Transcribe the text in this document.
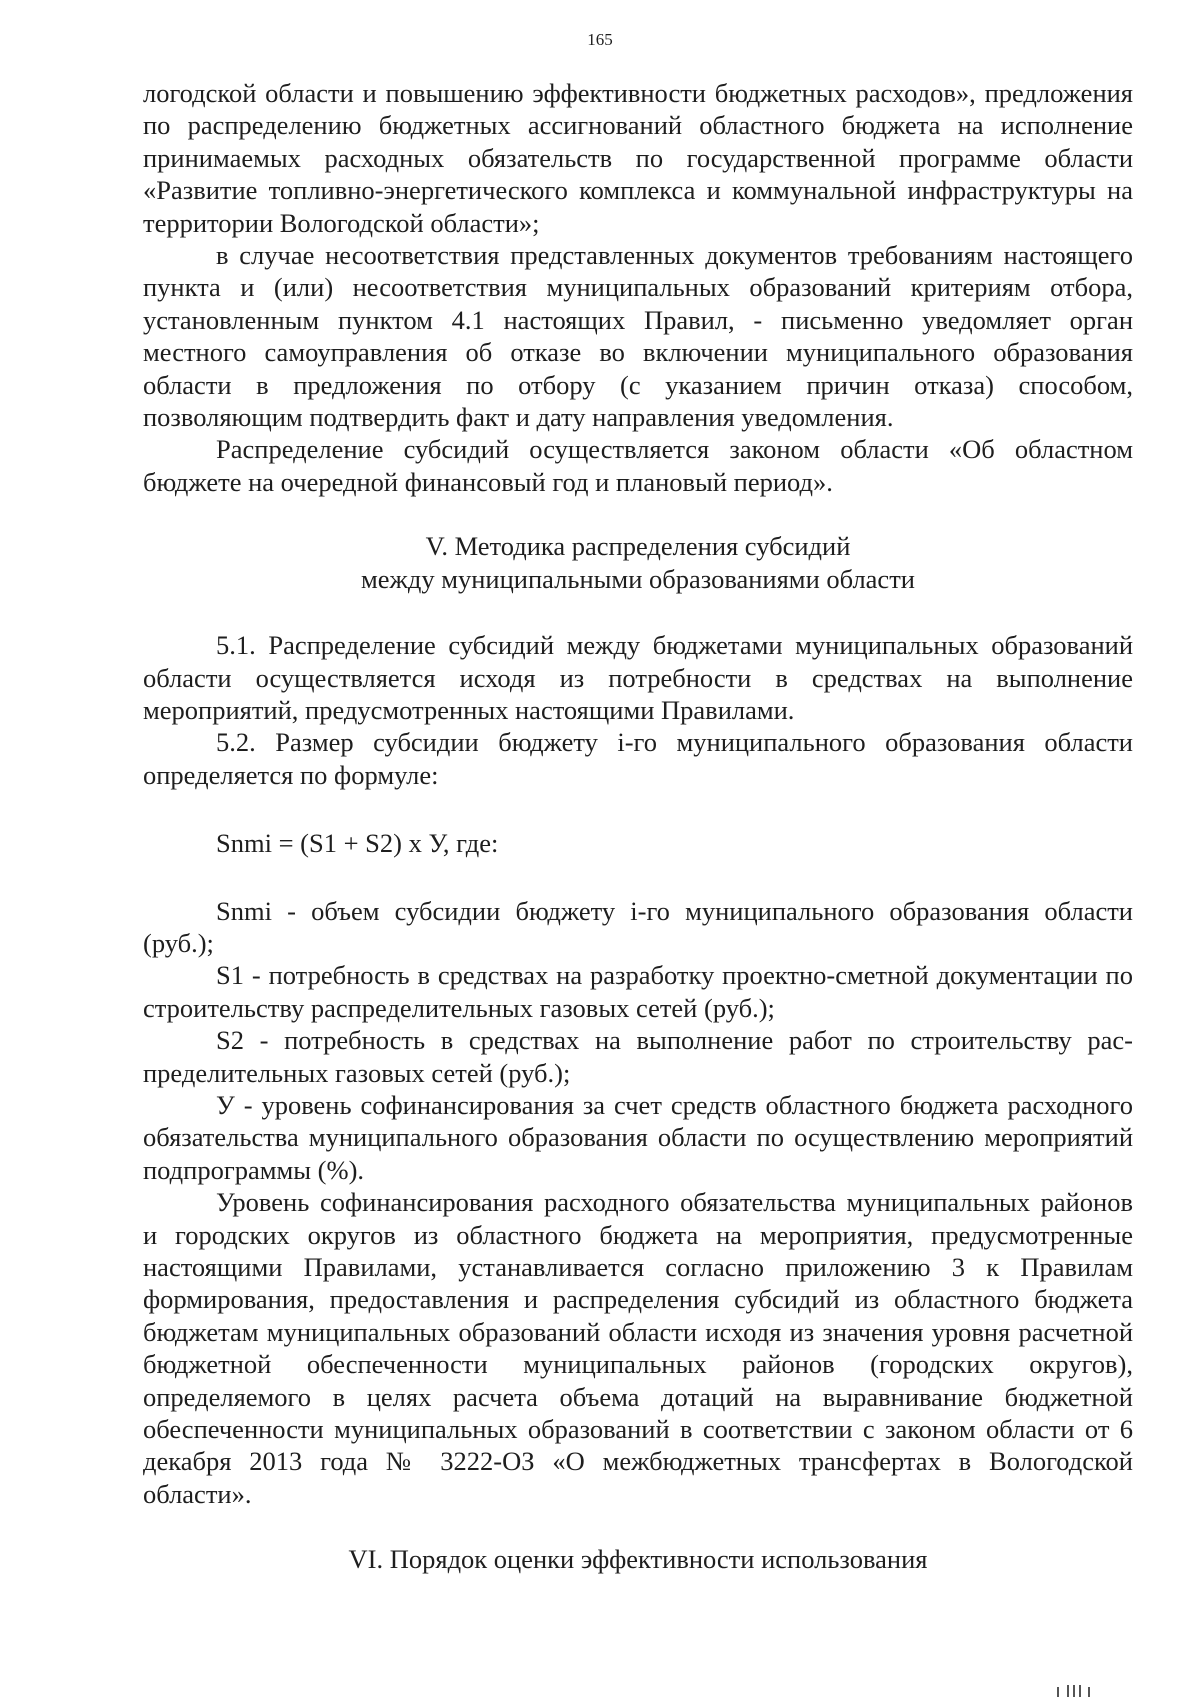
165

логодской области и повышению эффективности бюджетных расходов», предложения по распределению бюджетных ассигнований областного бюджета на исполнение принимаемых расходных обязательств по государственной программе области «Развитие топливно-энергетического комплекса и коммунальной инфраструктуры на территории Вологодской области»;

в случае несоответствия представленных документов требованиям настоящего пункта и (или) несоответствия муниципальных образований критериям отбора, установленным пунктом 4.1 настоящих Правил, - письменно уведомляет орган местного самоуправления об отказе во включении муниципального образования области в предложения по отбору (с указанием причин отказа) способом, позволяющим подтвердить факт и дату направления уведомления.

Распределение субсидий осуществляется законом области «Об областном бюджете на очередной финансовый год и плановый период».

V. Методика распределения субсидий

между муниципальными образованиями области

5.1. Распределение субсидий между бюджетами муниципальных образований области осуществляется исходя из потребности в средствах на выполнение мероприятий, предусмотренных настоящими Правилами.

5.2. Размер субсидии бюджету i-го муниципального образования области определяется по формуле:

Snmi = (S1 + S2) х У, где:

Snmi - объем субсидии бюджету i-го муниципального образования области (руб.);

S1 - потребность в средствах на разработку проектно-сметной документации по строительству распределительных газовых сетей (руб.);

S2 - потребность в средствах на выполнение работ по строительству распределительных газовых сетей (руб.);

У - уровень софинансирования за счет средств областного бюджета расходного обязательства муниципального образования области по осуществлению мероприятий подпрограммы (%).

Уровень софинансирования расходного обязательства муниципальных районов и городских округов из областного бюджета на мероприятия, предусмотренные настоящими Правилами, устанавливается согласно приложению 3 к Правилам формирования, предоставления и распределения субсидий из областного бюджета бюджетам муниципальных образований области исходя из значения уровня расчетной бюджетной обеспеченности муниципальных районов (городских округов), определяемого в целях расчета объема дотаций на выравнивание бюджетной обеспеченности муниципальных образований в соответствии с законом области от 6 декабря 2013 года № 3222-ОЗ «О межбюджетных трансфертах в Вологодской области».

VI. Порядок оценки эффективности использования
